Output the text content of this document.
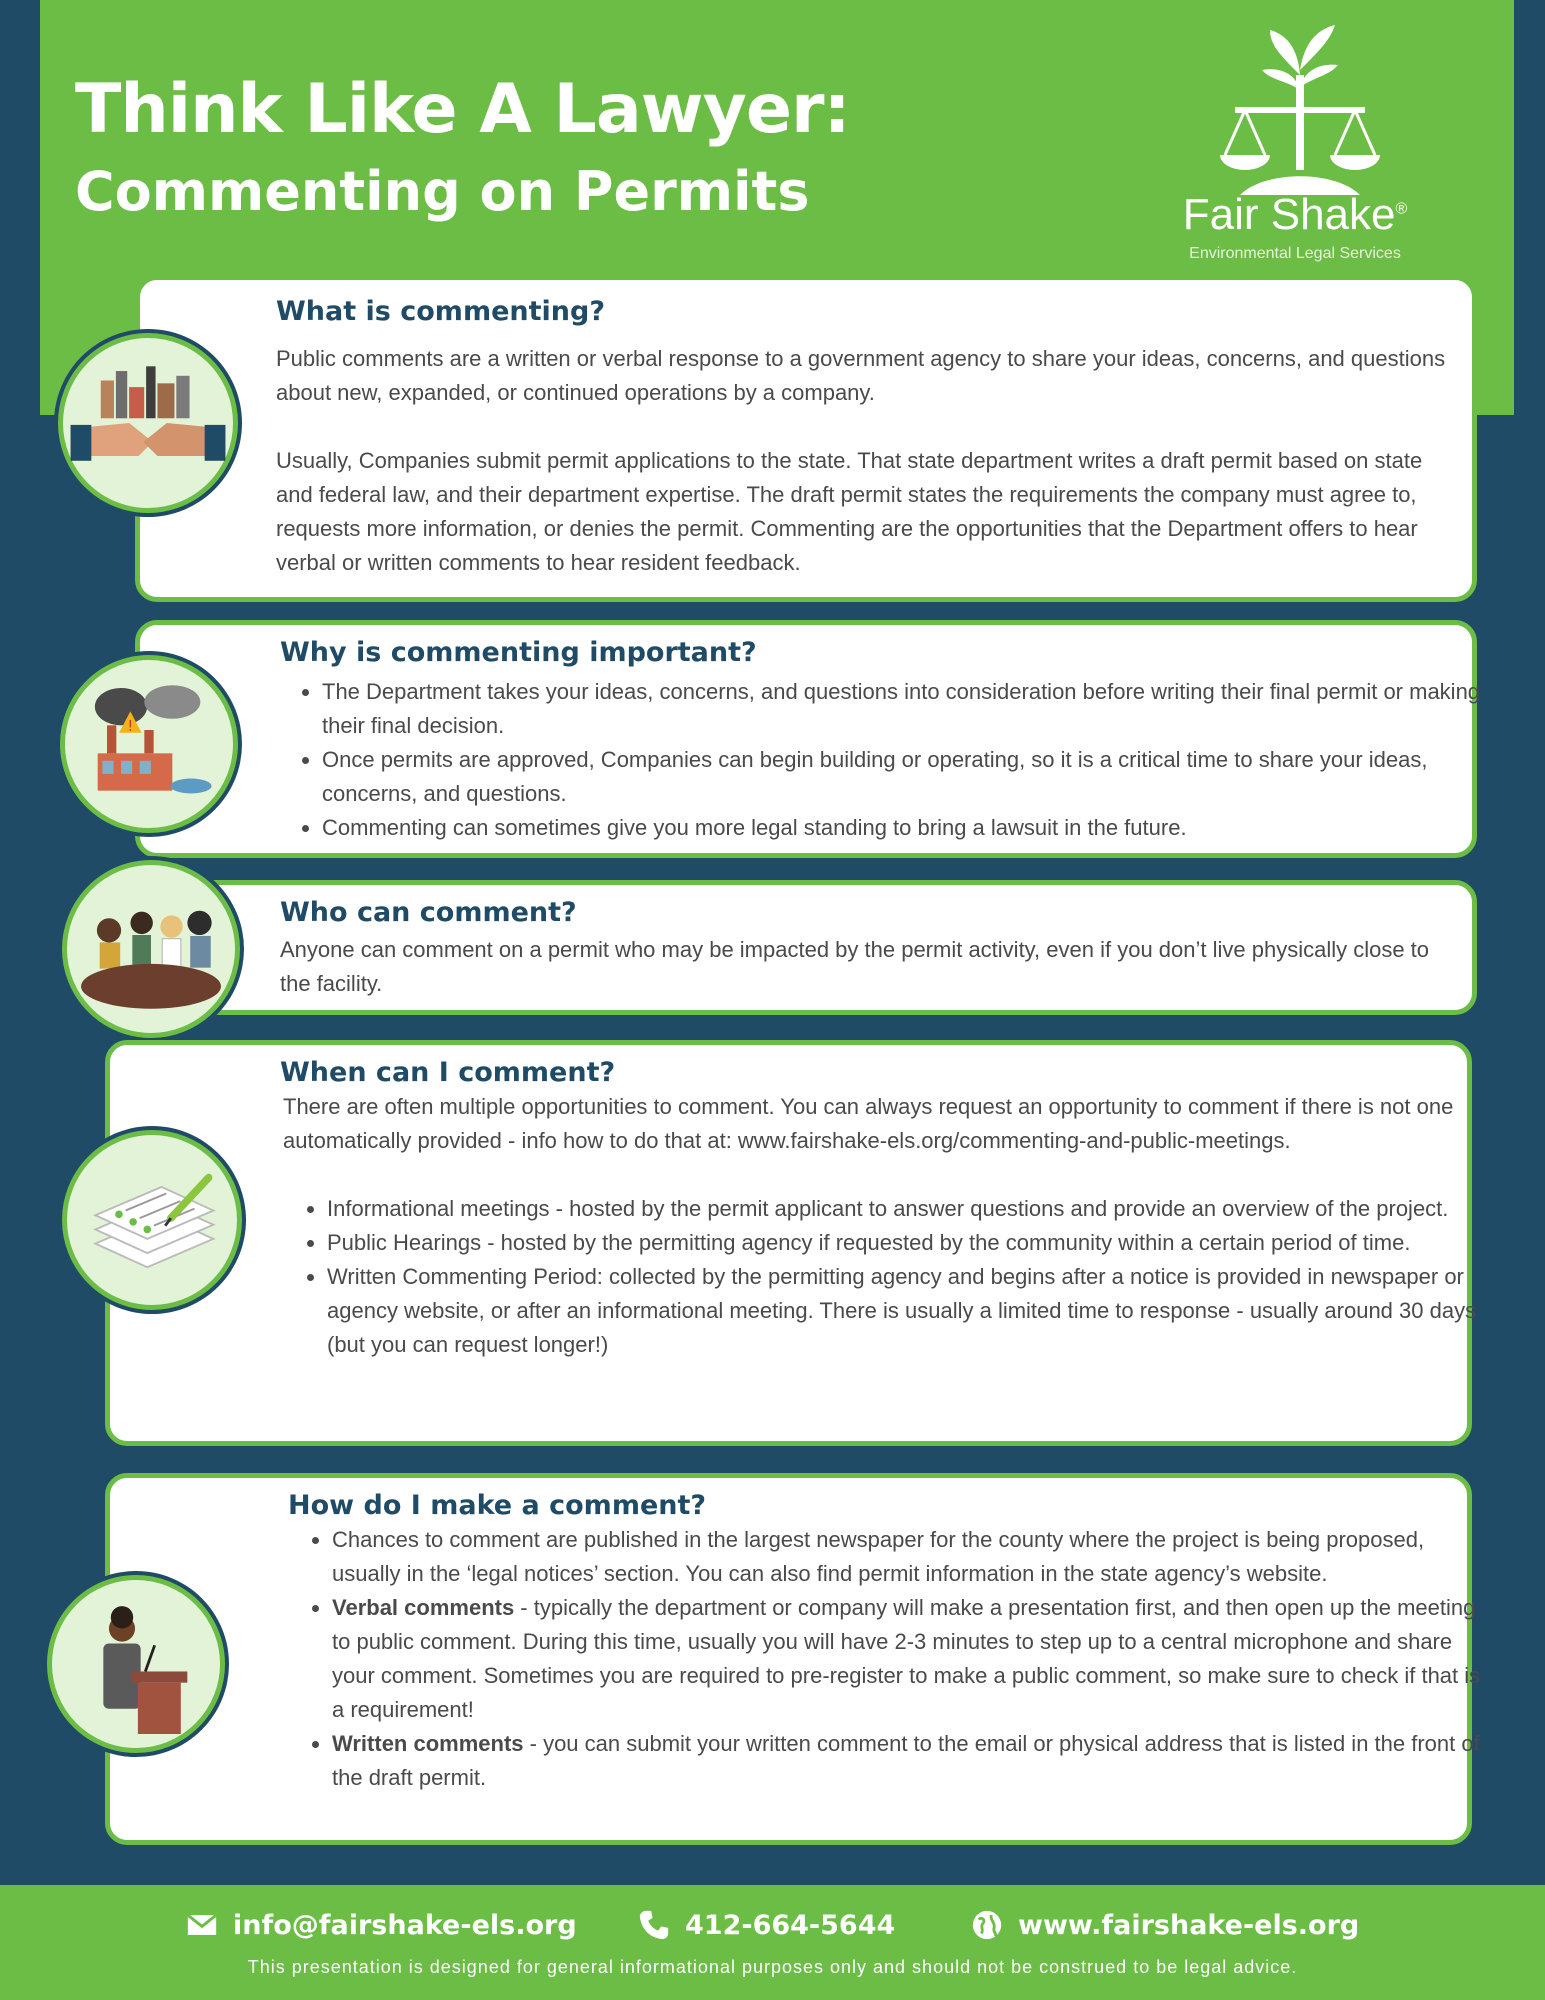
Think Like A Lawyer:
Commenting on Permits	Fair Shake®
Environmental Legal Services
What is commenting?

Public comments are a written or verbal response to a government agency to share your ideas, concerns, and questions about new, expanded, or continued operations by a company.

Usually, Companies submit permit applications to the state. That state department writes a draft permit based on state and federal law, and their department expertise. The draft permit states the requirements the company must agree to, requests more information, or denies the permit. Commenting are the opportunities that the Department offers to hear verbal or written comments to hear resident feedback.

Why is commenting important?
• The Department takes your ideas, concerns, and questions into consideration before writing their final permit or making their final decision.
• Once permits are approved, Companies can begin building or operating, so it is a critical time to share your ideas, concerns, and questions.
• Commenting can sometimes give you more legal standing to bring a lawsuit in the future.
!
Who can comment?

Anyone can comment on a permit who may be impacted by the permit activity, even if you don’t live physically close to the facility.

When can I comment?

There are often multiple opportunities to comment. You can always request an opportunity to comment if there is not one automatically provided - info how to do that at: www.fairshake-els.org/commenting-and-public-meetings.

• Informational meetings - hosted by the permit applicant to answer questions and provide an overview of the project.
• Public Hearings - hosted by the permitting agency if requested by the community within a certain period of time.
• Written Commenting Period: collected by the permitting agency and begins after a notice is provided in newspaper or agency website, or after an informational meeting. There is usually a limited time to response - usually around 30 days (but you can request longer!)
How do I make a comment?
• Chances to comment are published in the largest newspaper for the county where the project is being proposed, usually in the ‘legal notices’ section. You can also find permit information in the state agency’s website.
• Verbal comments - typically the department or company will make a presentation first, and then open up the meeting to public comment. During this time, usually you will have 2-3 minutes to step up to a central microphone and share your comment. Sometimes you are required to pre-register to make a public comment, so make sure to check if that is a requirement!
• Written comments - you can submit your written comment to the email or physical address that is listed in the front of the draft permit.
info@fairshake-els.org	412-664-5644	www.fairshake-els.org
This presentation is designed for general informational purposes only and should not be construed to be legal advice.
